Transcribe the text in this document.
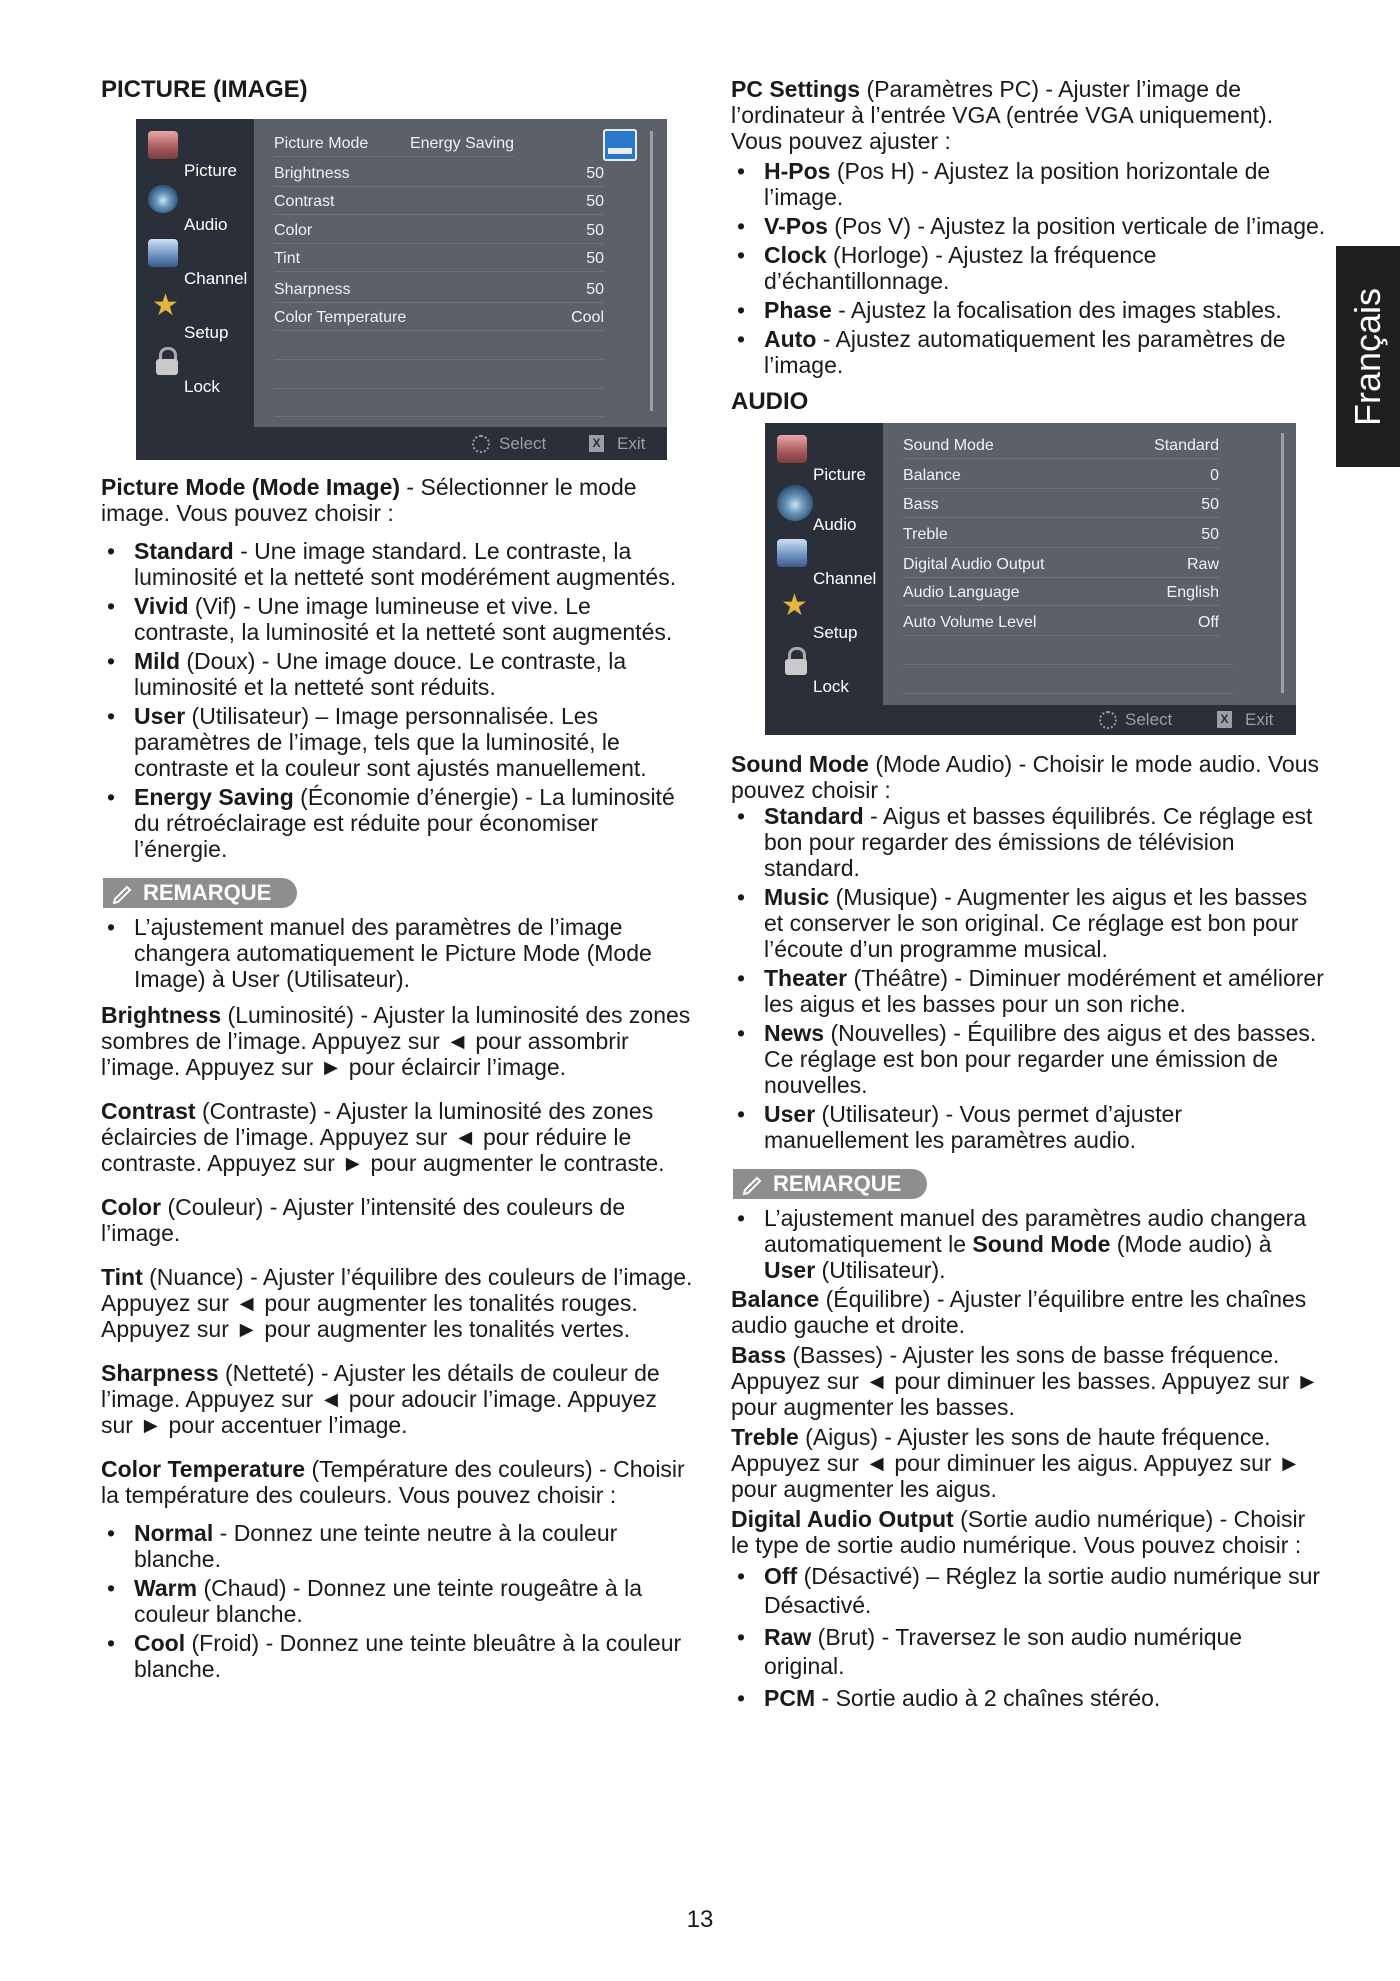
Français
PICTURE (IMAGE)
Picture
Audio
Channel
★
Setup
Lock
Picture Mode	Energy Saving
Brightness	50
Contrast	50
Color	50
Tint	50
Sharpness	50
Color Temperature	Cool
Select	X Exit

Picture Mode (Mode Image) - Sélectionner le mode image. Vous pouvez choisir :

• Standard - Une image standard. Le contraste, la luminosité et la netteté sont modérément augmentés.
• Vivid (Vif) - Une image lumineuse et vive. Le contraste, la luminosité et la netteté sont augmentés.
• Mild (Doux) - Une image douce. Le contraste, la luminosité et la netteté sont réduits.
• User (Utilisateur) – Image personnalisée. Les paramètres de l’image, tels que la luminosité, le contraste et la couleur sont ajustés manuellement.
• Energy Saving (Économie d’énergie) - La luminosité du rétroéclairage est réduite pour économiser l’énergie.
REMARQUE
• L’ajustement manuel des paramètres de l’image changera automatiquement le Picture Mode (Mode Image) à User (Utilisateur).

Brightness (Luminosité) - Ajuster la luminosité des zones sombres de l’image. Appuyez sur ◄ pour assombrir l’image. Appuyez sur ► pour éclaircir l’image.

Contrast (Contraste) - Ajuster la luminosité des zones éclaircies de l’image. Appuyez sur ◄ pour réduire le contraste. Appuyez sur ► pour augmenter le contraste.

Color (Couleur) - Ajuster l’intensité des couleurs de l’image.

Tint (Nuance) - Ajuster l’équilibre des couleurs de l’image. Appuyez sur ◄ pour augmenter les tonalités rouges. Appuyez sur ► pour augmenter les tonalités vertes.

Sharpness (Netteté) - Ajuster les détails de couleur de l’image. Appuyez sur ◄ pour adoucir l’image. Appuyez sur ► pour accentuer l’image.

Color Temperature (Température des couleurs) - Choisir la température des couleurs. Vous pouvez choisir :

• Normal - Donnez une teinte neutre à la couleur blanche.
• Warm (Chaud) - Donnez une teinte rougeâtre à la couleur blanche.
• Cool (Froid) - Donnez une teinte bleuâtre à la couleur blanche.

PC Settings (Paramètres PC) - Ajuster l’image de l’ordinateur à l’entrée VGA (entrée VGA uniquement). Vous pouvez ajuster :

• H-Pos (Pos H) - Ajustez la position horizontale de l’image.
• V-Pos (Pos V) - Ajustez la position verticale de l’image.
• Clock (Horloge) - Ajustez la fréquence d’échantillonnage.
• Phase - Ajustez la focalisation des images stables.
• Auto - Ajustez automatiquement les paramètres de l’image.
AUDIO
Picture
Audio
Channel
★
Setup
Lock
Sound Mode	Standard
Balance	0
Bass	50
Treble	50
Digital Audio Output	Raw
Audio Language	English
Auto Volume Level	Off
Select	X Exit

Sound Mode (Mode Audio) - Choisir le mode audio. Vous pouvez choisir :

• Standard - Aigus et basses équilibrés. Ce réglage est bon pour regarder des émissions de télévision standard.
• Music (Musique) - Augmenter les aigus et les basses et conserver le son original. Ce réglage est bon pour l’écoute d’un programme musical.
• Theater (Théâtre) - Diminuer modérément et améliorer les aigus et les basses pour un son riche.
• News (Nouvelles) - Équilibre des aigus et des basses. Ce réglage est bon pour regarder une émission de nouvelles.
• User (Utilisateur) - Vous permet d’ajuster manuellement les paramètres audio.
REMARQUE
• L’ajustement manuel des paramètres audio changera automatiquement le Sound Mode (Mode audio) à User (Utilisateur).

Balance (Équilibre) - Ajuster l’équilibre entre les chaînes audio gauche et droite.

Bass (Basses) - Ajuster les sons de basse fréquence. Appuyez sur ◄ pour diminuer les basses. Appuyez sur ► pour augmenter les basses.

Treble (Aigus) - Ajuster les sons de haute fréquence. Appuyez sur ◄ pour diminuer les aigus. Appuyez sur ► pour augmenter les aigus.

Digital Audio Output (Sortie audio numérique) - Choisir le type de sortie audio numérique. Vous pouvez choisir :

• Off (Désactivé) – Réglez la sortie audio numérique sur Désactivé.
• Raw (Brut) - Traversez le son audio numérique original.
• PCM - Sortie audio à 2 chaînes stéréo.
13
